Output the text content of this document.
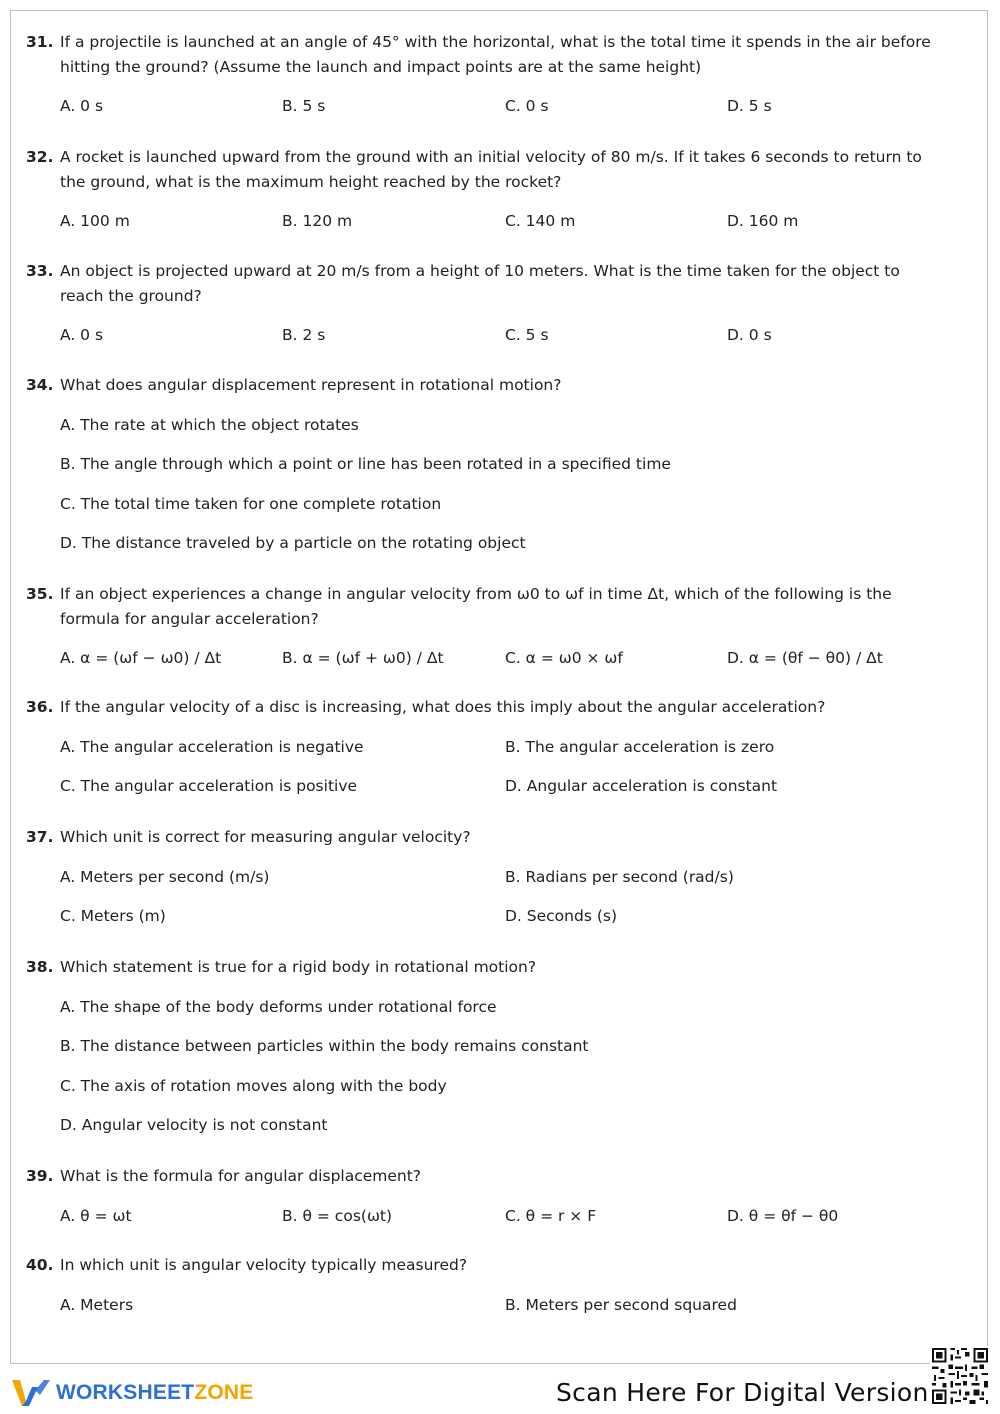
31. If a projectile is launched at an angle of 45° with the horizontal, what is the total time it spends in the air before hitting the ground? (Assume the launch and impact points are at the same height)
A. 0 s	B. 5 s	C. 0 s	D. 5 s
32. A rocket is launched upward from the ground with an initial velocity of 80 m/s. If it takes 6 seconds to return to the ground, what is the maximum height reached by the rocket?
A. 100 m	B. 120 m	C. 140 m	D. 160 m
33. An object is projected upward at 20 m/s from a height of 10 meters. What is the time taken for the object to reach the ground?
A. 0 s	B. 2 s	C. 5 s	D. 0 s
34. What does angular displacement represent in rotational motion?
A. The rate at which the object rotates
B. The angle through which a point or line has been rotated in a specified time
C. The total time taken for one complete rotation
D. The distance traveled by a particle on the rotating object
35. If an object experiences a change in angular velocity from ω0 to ωf in time Δt, which of the following is the formula for angular acceleration?
A. α = (ωf − ω0) / Δt	B. α = (ωf + ω0) / Δt	C. α = ω0 × ωf	D. α = (θf − θ0) / Δt
36. If the angular velocity of a disc is increasing, what does this imply about the angular acceleration?
A. The angular acceleration is negative	B. The angular acceleration is zero
C. The angular acceleration is positive	D. Angular acceleration is constant
37. Which unit is correct for measuring angular velocity?
A. Meters per second (m/s)	B. Radians per second (rad/s)
C. Meters (m)	D. Seconds (s)
38. Which statement is true for a rigid body in rotational motion?
A. The shape of the body deforms under rotational force
B. The distance between particles within the body remains constant
C. The axis of rotation moves along with the body
D. Angular velocity is not constant
39. What is the formula for angular displacement?
A. θ = ωt	B. θ = cos(ωt)	C. θ = r × F	D. θ = θf − θ0
40. In which unit is angular velocity typically measured?
A. Meters	B. Meters per second squared
WORKSHEETZONE	Scan Here For Digital Version
